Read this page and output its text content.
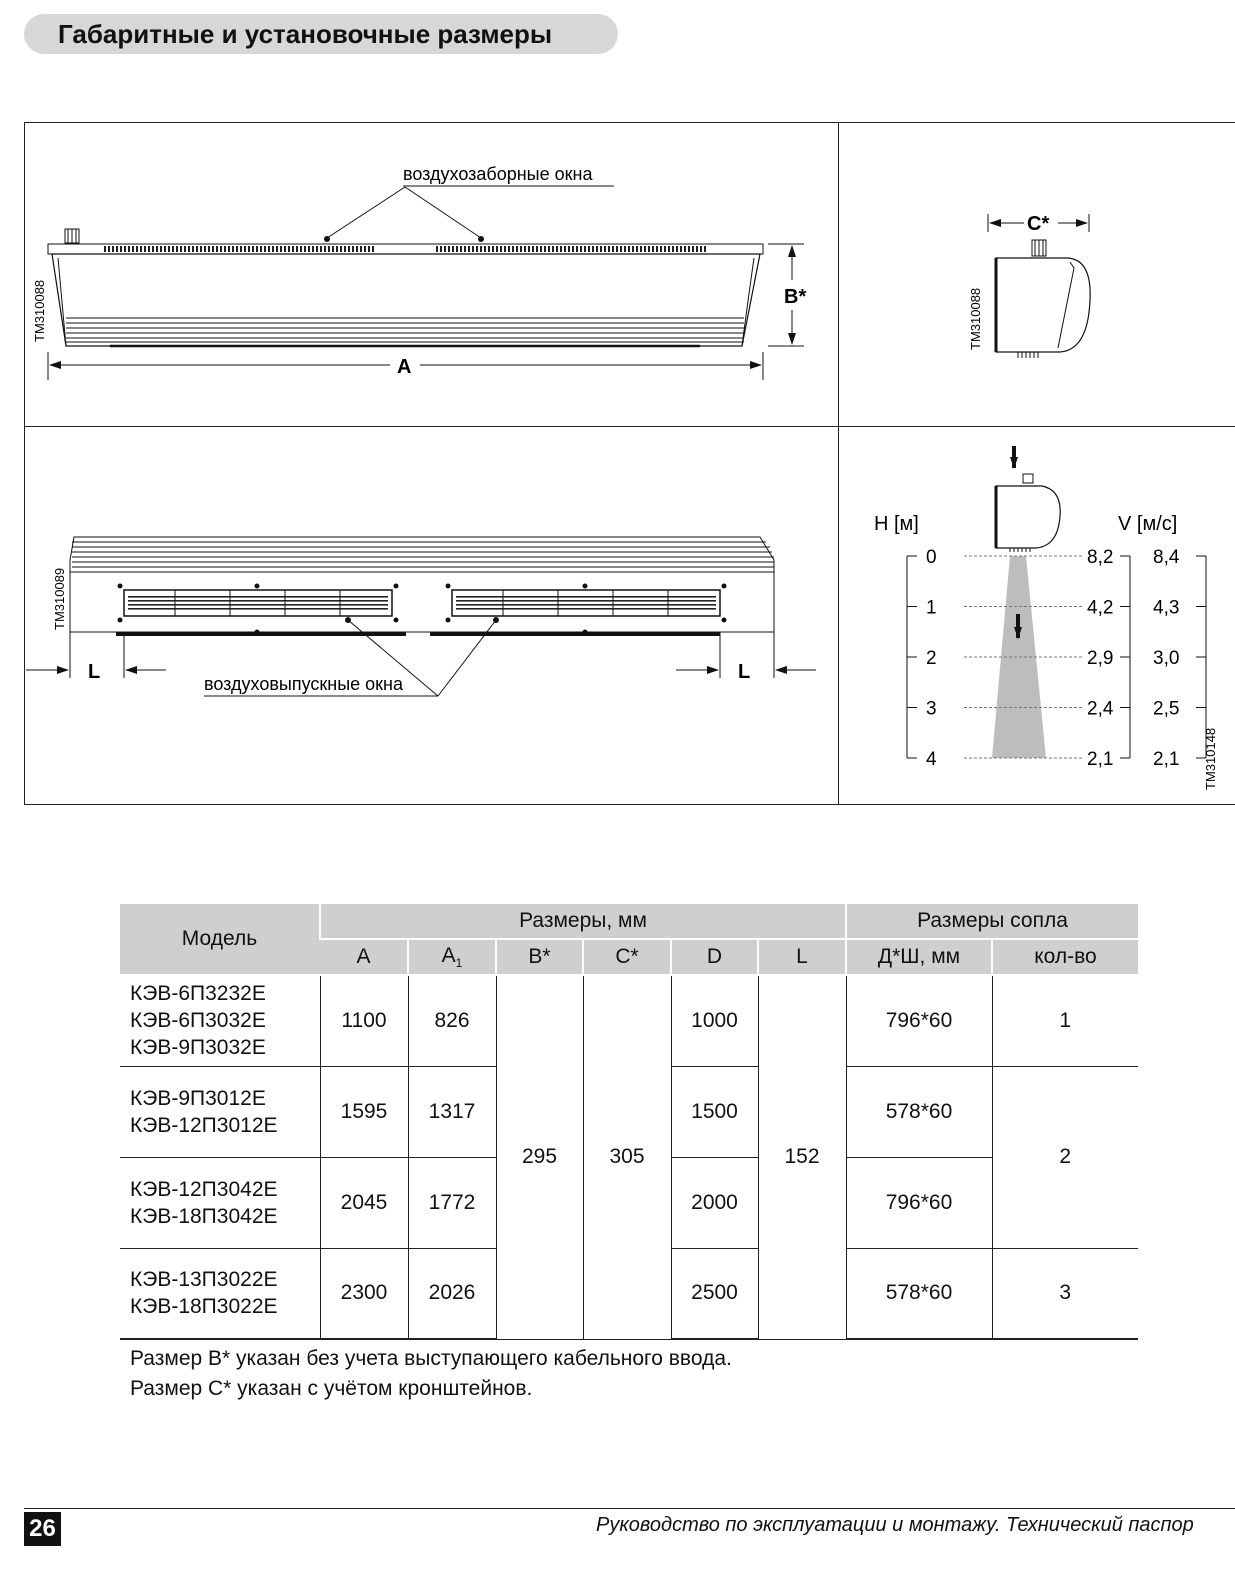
Габаритные и установочные размеры
TM310088
воздухозаборные окна
B*
A
TM310088
C*
TM310089
L	L
воздуховыпускные окна
H [м]	V [м/с]
0	8,2 8,4
1	4,2 4,3
2	2,9 3,0
3	2,4 2,5
4	2,1 2,1 TM310148
Модель	Размеры, мм						Размеры сопла	
	A	$A_1$	B*	C*	D	L	Д*Ш, мм	кол-во

КЭВ-6П3232Е
КЭВ-6П3032Е
КЭВ-9П3032Е	1100	826	295	305	1000	152	796*60	1

КЭВ-9П3012Е
КЭВ-12П3012Е	1595	1317			1500		578*60	2

КЭВ-12П3042Е
КЭВ-18П3042Е	2045	1772			2000		796*60	

КЭВ-13П3022Е
КЭВ-18П3022Е	2300	2026			2500		578*60	3
Размер В* указан без учета выступающего кабельного ввода.
Размер С* указан с учётом кронштейнов.
26	Руководство по эксплуатации и монтажу. Технический паспор
